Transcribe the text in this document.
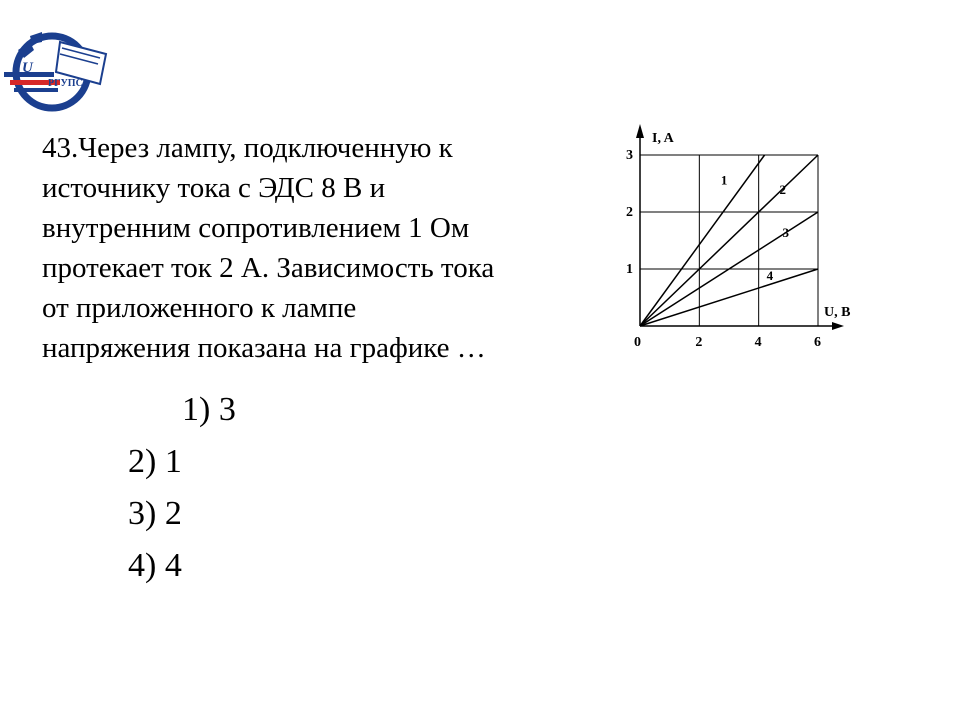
U
РГУПС
43.Через лампу, подключенную к
источнику тока с ЭДС 8 В и
внутренним сопротивлением 1 Ом
протекает ток 2 А. Зависимость тока
от приложенного к лампе
напряжения показана на графике …
1) 3
2) 1
3) 2
4) 4
I, A
U, B
0	2	4	6
1
2
3
1
2
3
4
